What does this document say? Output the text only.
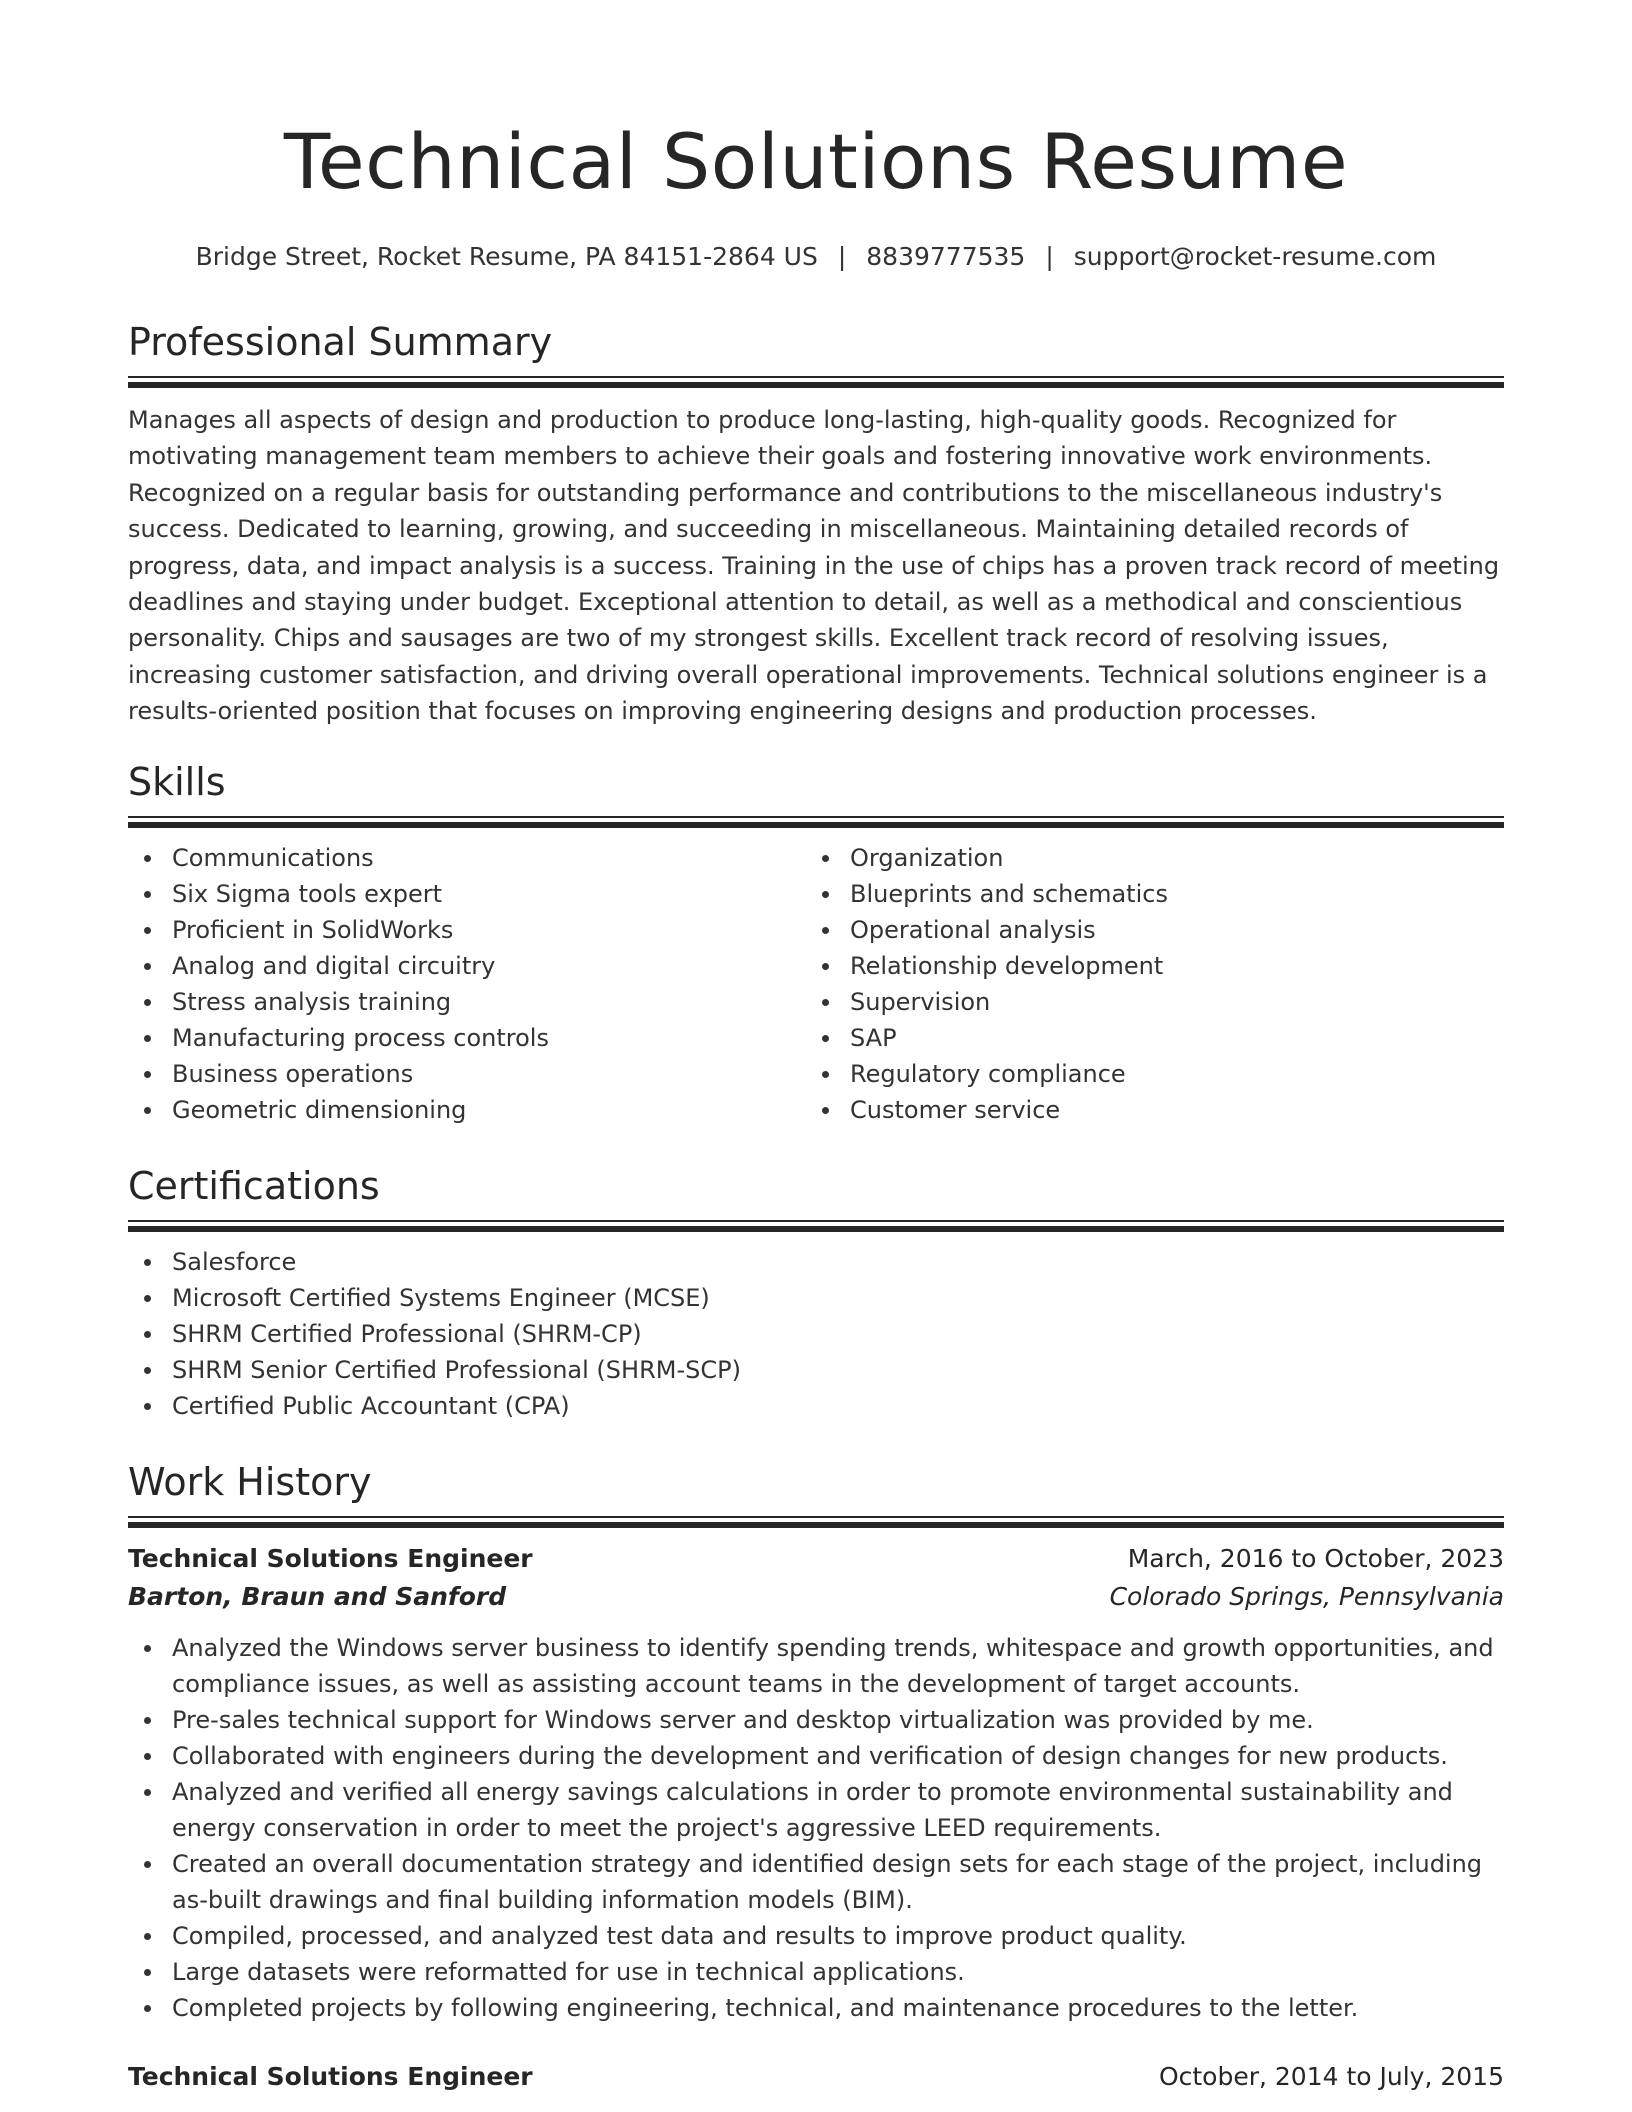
Technical Solutions Resume
Bridge Street, Rocket Resume, PA 84151-2864 US | 8839777535 | support@rocket-resume.com
Professional Summary

Manages all aspects of design and production to produce long-lasting, high-quality goods. Recognized for motivating management team members to achieve their goals and fostering innovative work environments. Recognized on a regular basis for outstanding performance and contributions to the miscellaneous industry's success. Dedicated to learning, growing, and succeeding in miscellaneous. Maintaining detailed records of progress, data, and impact analysis is a success. Training in the use of chips has a proven track record of meeting deadlines and staying under budget. Exceptional attention to detail, as well as a methodical and conscientious personality. Chips and sausages are two of my strongest skills. Excellent track record of resolving issues, increasing customer satisfaction, and driving overall operational improvements. Technical solutions engineer is a results-oriented position that focuses on improving engineering designs and production processes.

Skills
Communications
Six Sigma tools expert
Proficient in SolidWorks
Analog and digital circuitry
Stress analysis training
Manufacturing process controls
Business operations
Geometric dimensioning
Organization
Blueprints and schematics
Operational analysis
Relationship development
Supervision
SAP
Regulatory compliance
Customer service
Certifications
Salesforce
Microsoft Certified Systems Engineer (MCSE)
SHRM Certified Professional (SHRM-CP)
SHRM Senior Certified Professional (SHRM-SCP)
Certified Public Accountant (CPA)
Work History
Technical Solutions Engineer	March, 2016 to October, 2023
Barton, Braun and Sanford	Colorado Springs, Pennsylvania
Analyzed the Windows server business to identify spending trends, whitespace and growth opportunities, and compliance issues, as well as assisting account teams in the development of target accounts.
Pre-sales technical support for Windows server and desktop virtualization was provided by me.
Collaborated with engineers during the development and verification of design changes for new products.
Analyzed and verified all energy savings calculations in order to promote environmental sustainability and energy conservation in order to meet the project's aggressive LEED requirements.
Created an overall documentation strategy and identified design sets for each stage of the project, including as-built drawings and final building information models (BIM).
Compiled, processed, and analyzed test data and results to improve product quality.
Large datasets were reformatted for use in technical applications.
Completed projects by following engineering, technical, and maintenance procedures to the letter.
Technical Solutions Engineer	October, 2014 to July, 2015
